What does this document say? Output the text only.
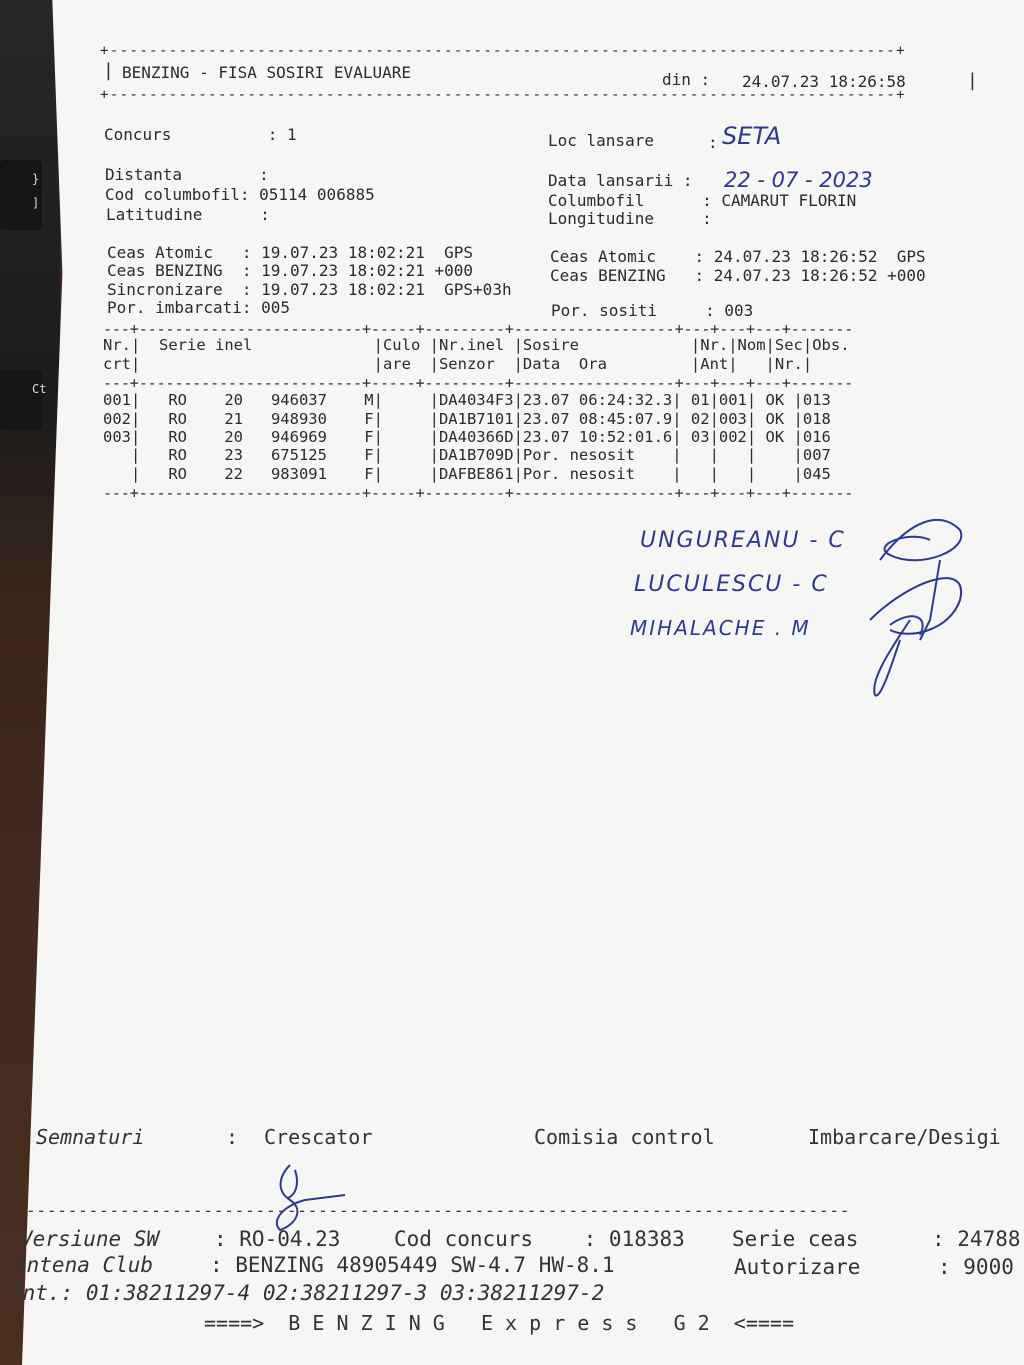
}
]
Ct
+--------------------------------------------------------------------------------+
| BENZING - FISA SOSIRI EVALUARE	din : 24.07.23 18:26:58	|
+--------------------------------------------------------------------------------+
Concurs          : 1
Distanta        :
Cod columbofil: 05114 006885
Latitudine      :
Loc lansare	: SETA
Data lansarii : 22 - 07 - 2023
Columbofil      : CAMARUT FLORIN
Longitudine     :
Ceas Atomic   : 19.07.23 18:02:21  GPS
Ceas BENZING  : 19.07.23 18:02:21 +000
Sincronizare  : 19.07.23 18:02:21  GPS+03h
Por. imbarcati: 005
Ceas Atomic    : 24.07.23 18:26:52  GPS
Ceas BENZING   : 24.07.23 18:26:52 +000
Por. sositi     : 003
---+-------------------------+-----+---------+------------------+---+---+---+-------
Nr.|  Serie inel             |Culo |Nr.inel |Sosire            |Nr.|Nom|Sec|Obs.
crt|                         |are  |Senzor  |Data  Ora         |Ant|   |Nr.|
---+-------------------------+-----+---------+------------------+---+---+---+-------
001|   RO    20   946037    M|     |DA4034F3|23.07 06:24:32.3| 01|001| OK |013
002|   RO    21   948930    F|     |DA1B7101|23.07 08:45:07.9| 02|003| OK |018
003|   RO    20   946969    F|     |DA40366D|23.07 10:52:01.6| 03|002| OK |016
|   RO    23   675125    F|     |DA1B709D|Por. nesosit    |   |   |    |007
|   RO    22   983091    F|     |DAFBE861|Por. nesosit    |   |   |    |045
---+-------------------------+-----+---------+------------------+---+---+---+-------
UNGUREANU - C
LUCULESCU - C
MIHALACHE . M
Semnaturi	: Crescator	Comisia control	Imbarcare/Desigi
-------------------------------------------------------------------------------
Versiune SW	: RO-04.23	Cod concurs    : 018383 Serie ceas	: 24788
Antena Club	: BENZING 48905449 SW-4.7 HW-8.1	Autorizare	: 9000
Ant.: 01:38211297-4 02:38211297-3 03:38211297-2
====>  B E N Z I N G   E x p r e s s   G 2  <====
